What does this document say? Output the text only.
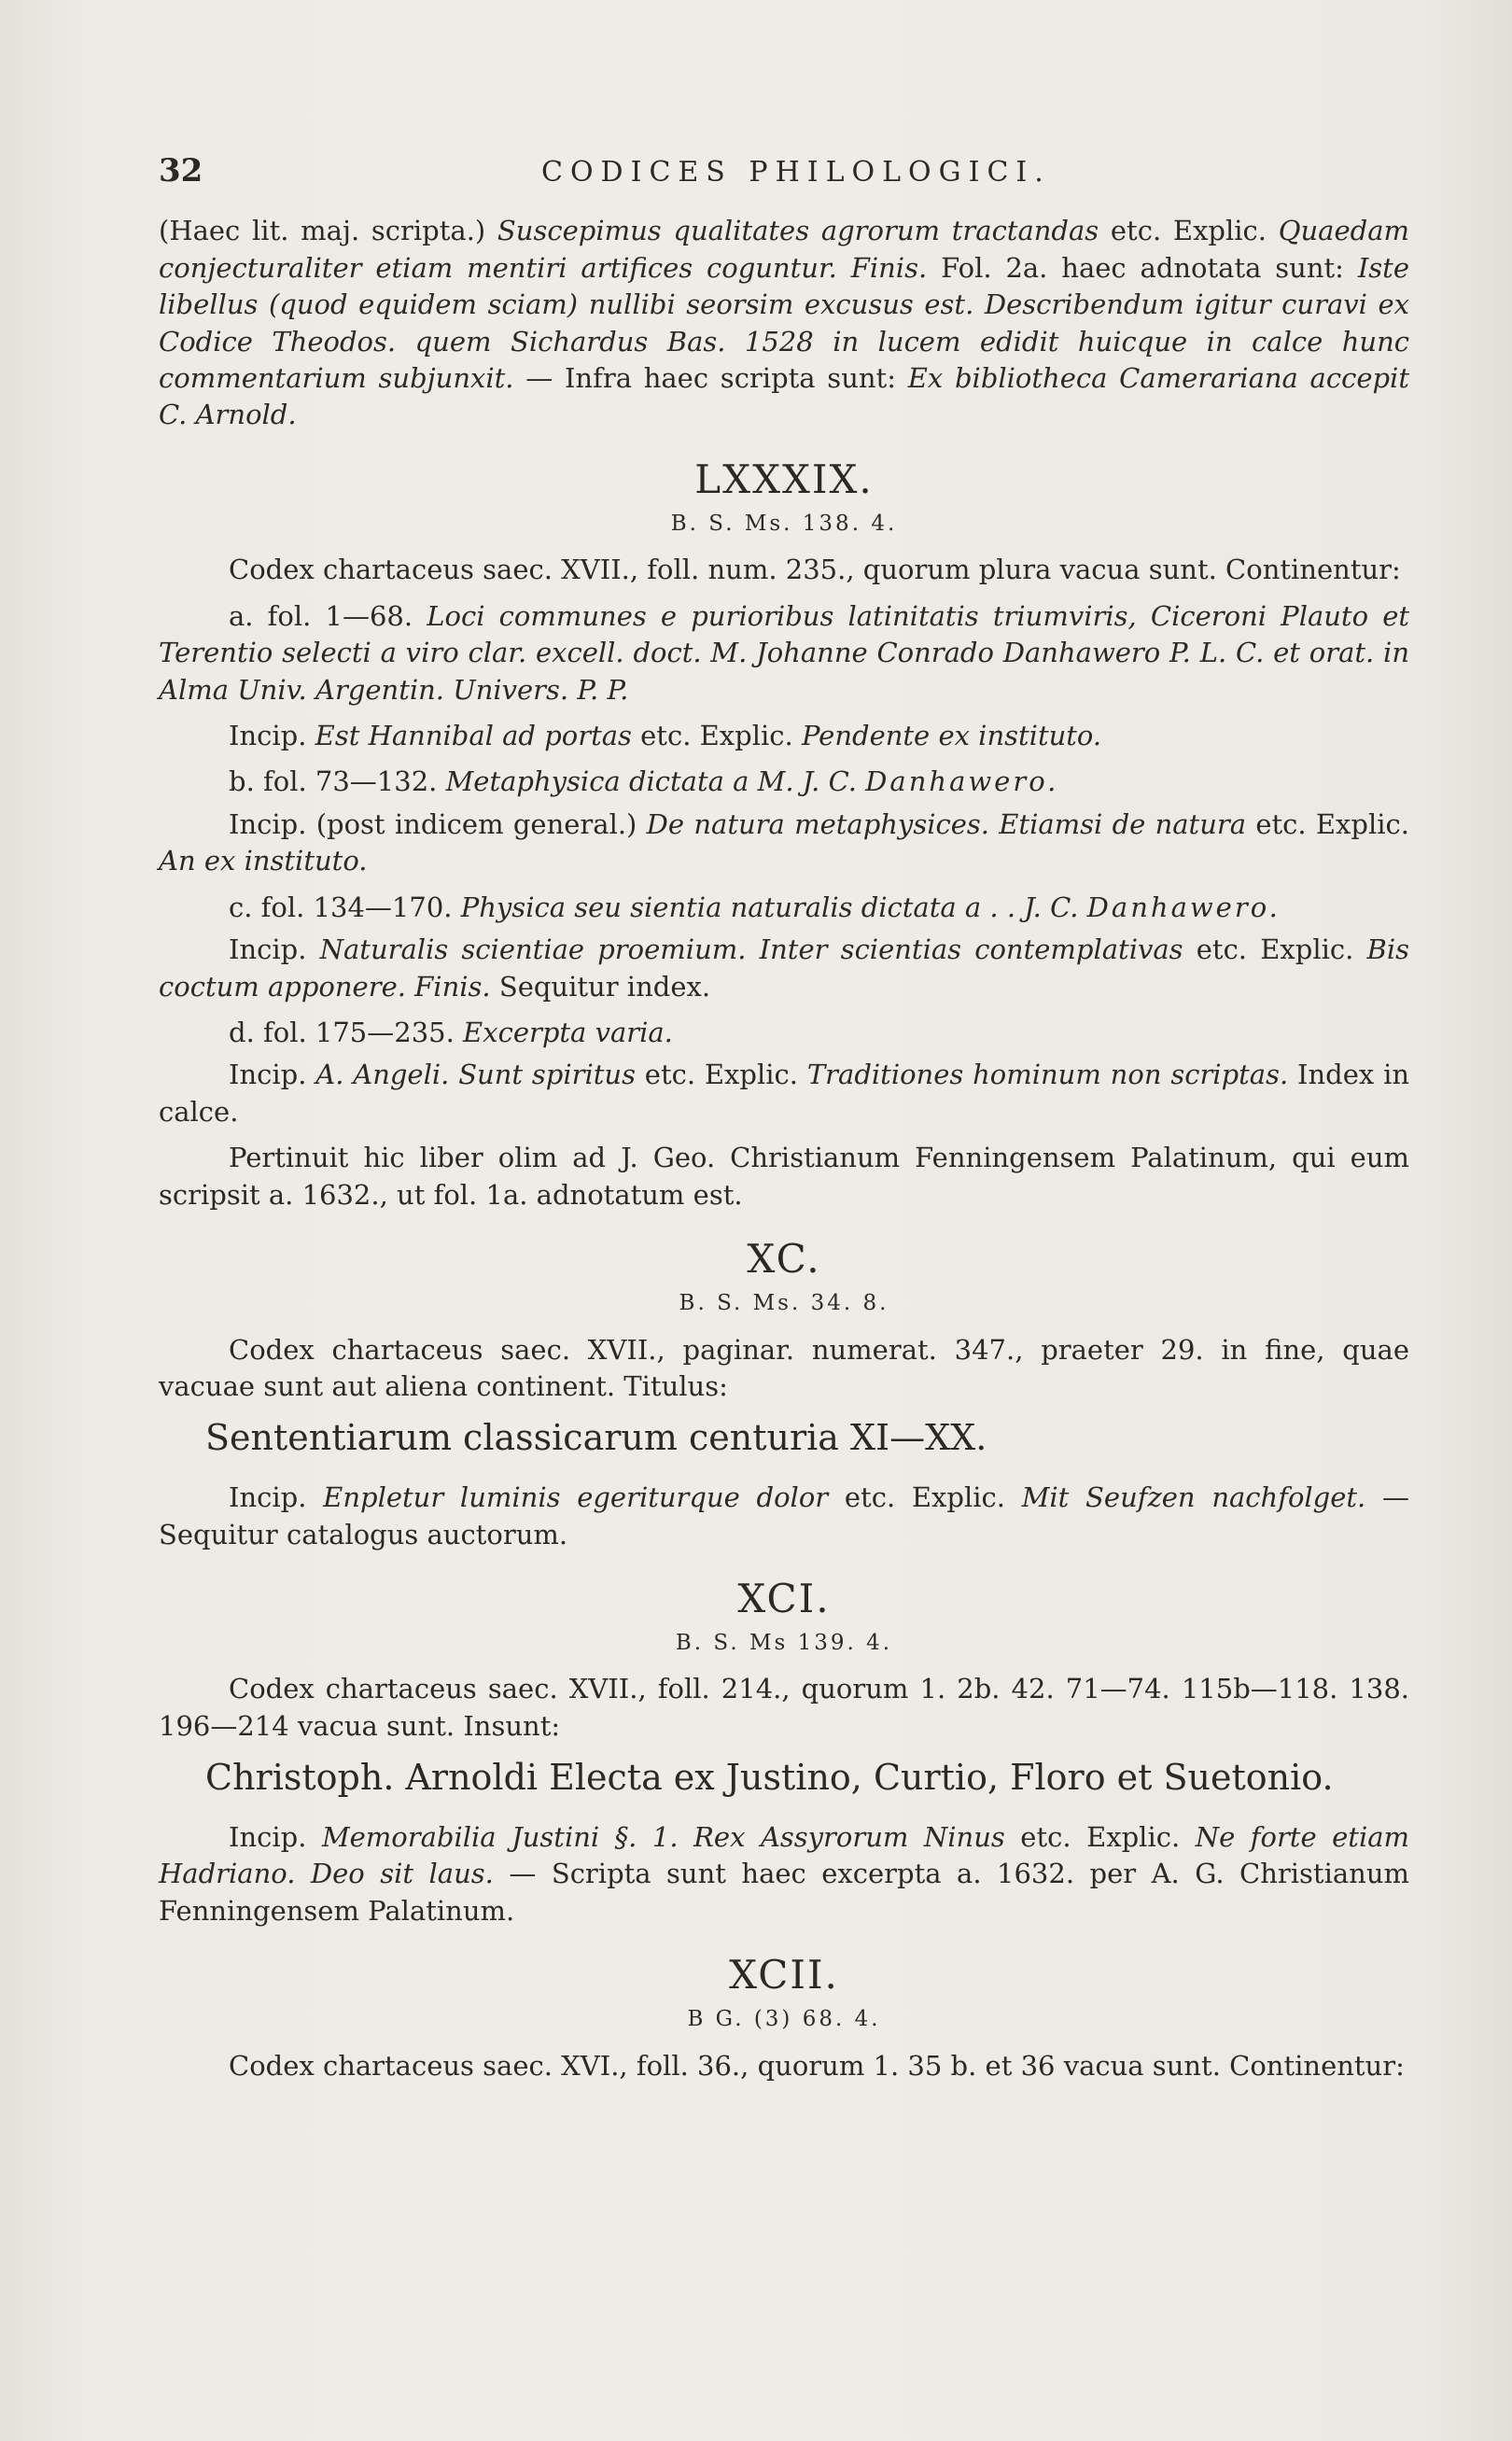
32	CODICES PHILOLOGICI.

(Haec lit. maj. scripta.) Suscepimus qualitates agrorum tractandas etc. Explic. Quaedam conjecturaliter etiam mentiri artifices coguntur. Finis. Fol. 2a. haec adnotata sunt: Iste libellus (quod equidem sciam) nullibi seorsim excusus est. Describendum igitur curavi ex Codice Theodos. quem Sichardus Bas. 1528 in lucem edidit huicque in calce hunc commentarium subjunxit. — Infra haec scripta sunt: Ex bibliotheca Camerariana accepit C. Arnold.

LXXXIX.
B. S. Ms. 138. 4.

Codex chartaceus saec. XVII., foll. num. 235., quorum plura vacua sunt. Continentur:

a. fol. 1—68. Loci communes e purioribus latinitatis triumviris, Ciceroni Plauto et Terentio selecti a viro clar. excell. doct. M. Johanne Conrado Danhawero P. L. C. et orat. in Alma Univ. Argentin. Univers. P. P.

Incip. Est Hannibal ad portas etc. Explic. Pendente ex instituto.

b. fol. 73—132. Metaphysica dictata a M. J. C. Danhawero.

Incip. (post indicem general.) De natura metaphysices. Etiamsi de natura etc. Explic. An ex instituto.

c. fol. 134—170. Physica seu sientia naturalis dictata a . . J. C. Danhawero.

Incip. Naturalis scientiae proemium. Inter scientias contemplativas etc. Explic. Bis coctum apponere. Finis. Sequitur index.

d. fol. 175—235. Excerpta varia.

Incip. A. Angeli. Sunt spiritus etc. Explic. Traditiones hominum non scriptas. Index in calce.

Pertinuit hic liber olim ad J. Geo. Christianum Fenningensem Palatinum, qui eum scripsit a. 1632., ut fol. 1a. adnotatum est.

XC.
B. S. Ms. 34. 8.

Codex chartaceus saec. XVII., paginar. numerat. 347., praeter 29. in fine, quae vacuae sunt aut aliena continent. Titulus:

Sententiarum classicarum centuria XI—XX.

Incip. Enpletur luminis egeriturque dolor etc. Explic. Mit Seufzen nachfolget. — Sequitur catalogus auctorum.

XCI.
B. S. Ms 139. 4.

Codex chartaceus saec. XVII., foll. 214., quorum 1. 2b. 42. 71—74. 115b—118. 138. 196—214 vacua sunt. Insunt:

Christoph. Arnoldi Electa ex Justino, Curtio, Floro et Suetonio.

Incip. Memorabilia Justini §. 1. Rex Assyrorum Ninus etc. Explic. Ne forte etiam Hadriano. Deo sit laus. — Scripta sunt haec excerpta a. 1632. per A. G. Christianum Fenningensem Palatinum.

XCII.
B G. (3) 68. 4.

Codex chartaceus saec. XVI., foll. 36., quorum 1. 35 b. et 36 vacua sunt. Continentur:
